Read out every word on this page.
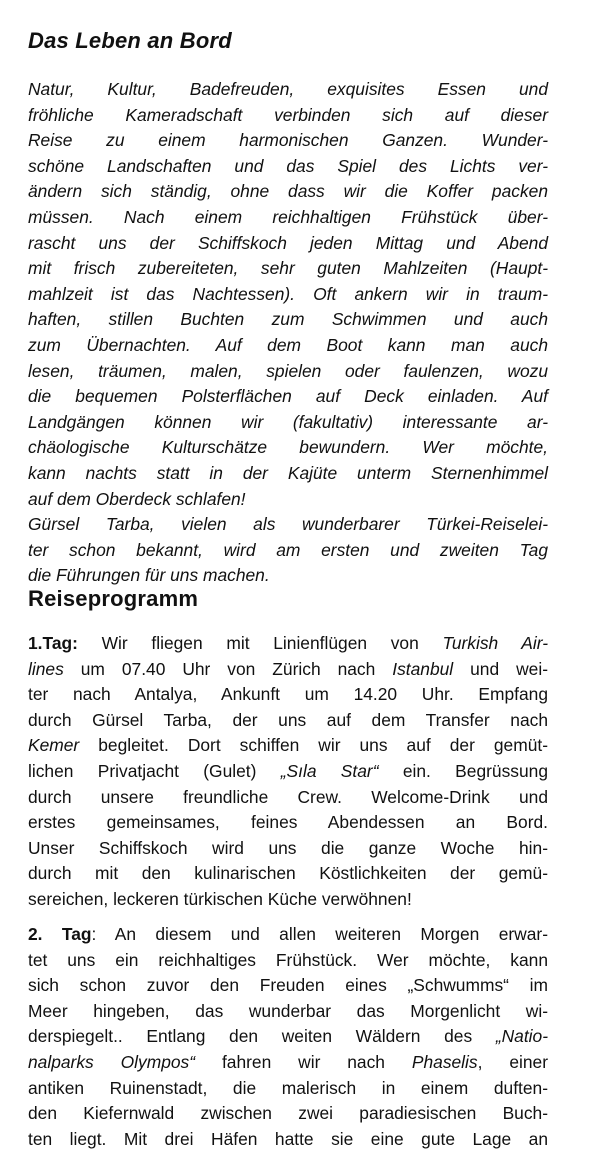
Das Leben an Bord
Natur, Kultur, Badefreuden, exquisites Essen und
fröhliche Kameradschaft verbinden sich auf dieser
Reise zu einem harmonischen Ganzen. Wunder-
schöne Landschaften und das Spiel des Lichts ver-
ändern sich ständig, ohne dass wir die Koffer packen
müssen. Nach einem reichhaltigen Frühstück über-
rascht uns der Schiffskoch jeden Mittag und Abend
mit frisch zubereiteten, sehr guten Mahlzeiten (Haupt-
mahlzeit ist das Nachtessen). Oft ankern wir in traum-
haften, stillen Buchten zum Schwimmen und auch
zum Übernachten. Auf dem Boot kann man auch
lesen, träumen, malen, spielen oder faulenzen, wozu
die bequemen Polsterflächen auf Deck einladen. Auf
Landgängen können wir (fakultativ) interessante ar-
chäologische Kulturschätze bewundern. Wer möchte,
kann nachts statt in der Kajüte unterm Sternenhimmel
auf dem Oberdeck schlafen!
Gürsel Tarba, vielen als wunderbarer Türkei-Reiselei-
ter schon bekannt, wird am ersten und zweiten Tag
die Führungen für uns machen.
Reiseprogramm
1.Tag: Wir fliegen mit Linienflügen von Turkish Air-
lines um 07.40 Uhr von Zürich nach Istanbul und wei-
ter nach Antalya, Ankunft um 14.20 Uhr. Empfang
durch Gürsel Tarba, der uns auf dem Transfer nach
Kemer begleitet. Dort schiffen wir uns auf der gemüt-
lichen Privatjacht (Gulet) „Sıla Star“ ein. Begrüssung
durch unsere freundliche Crew. Welcome-Drink und
erstes gemeinsames, feines Abendessen an Bord.
Unser Schiffskoch wird uns die ganze Woche hin-
durch mit den kulinarischen Köstlichkeiten der gemü-
sereichen, leckeren türkischen Küche verwöhnen!
2. Tag: An diesem und allen weiteren Morgen erwar-
tet uns ein reichhaltiges Frühstück. Wer möchte, kann
sich schon zuvor den Freuden eines „Schwumms“ im
Meer hingeben, das wunderbar das Morgenlicht wi-
derspiegelt.. Entlang den weiten Wäldern des „Natio-
nalparks Olympos“ fahren wir nach Phaselis, einer
antiken Ruinenstadt, die malerisch in einem duften-
den Kiefernwald zwischen zwei paradiesischen Buch-
ten liegt. Mit drei Häfen hatte sie eine gute Lage an
